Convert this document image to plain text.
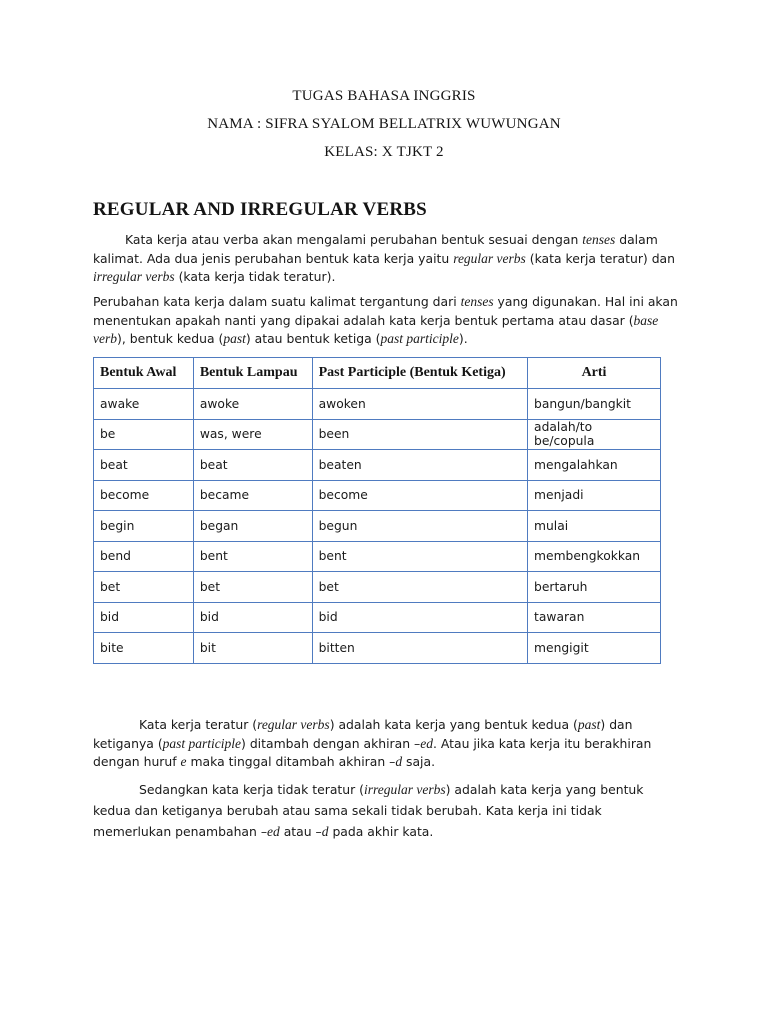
TUGAS BAHASA INGGRIS
NAMA : SIFRA SYALOM BELLATRIX WUWUNGAN
KELAS: X TJKT 2
REGULAR AND IRREGULAR VERBS

Kata kerja atau verba akan mengalami perubahan bentuk sesuai dengan tenses dalam kalimat. Ada dua jenis perubahan bentuk kata kerja yaitu regular verbs (kata kerja teratur) dan irregular verbs (kata kerja tidak teratur).

Perubahan kata kerja dalam suatu kalimat tergantung dari tenses yang digunakan. Hal ini akan menentukan apakah nanti yang dipakai adalah kata kerja bentuk pertama atau dasar (base verb), bentuk kedua (past) atau bentuk ketiga (past participle).

Bentuk Awal	Bentuk Lampau	Past Participle (Bentuk Ketiga)	Arti
awake	awoke	awoken	bangun/bangkit
be	was, were	been	adalah/to be/copula
beat	beat	beaten	mengalahkan
become	became	become	menjadi
begin	began	begun	mulai
bend	bent	bent	membengkokkan
bet	bet	bet	bertaruh
bid	bid	bid	tawaran
bite	bit	bitten	mengigit

Kata kerja teratur (regular verbs) adalah kata kerja yang bentuk kedua (past) dan ketiganya (past participle) ditambah dengan akhiran –ed. Atau jika kata kerja itu berakhiran dengan huruf e maka tinggal ditambah akhiran –d saja.

Sedangkan kata kerja tidak teratur (irregular verbs) adalah kata kerja yang bentuk kedua dan ketiganya berubah atau sama sekali tidak berubah. Kata kerja ini tidak memerlukan penambahan –ed atau –d pada akhir kata.
